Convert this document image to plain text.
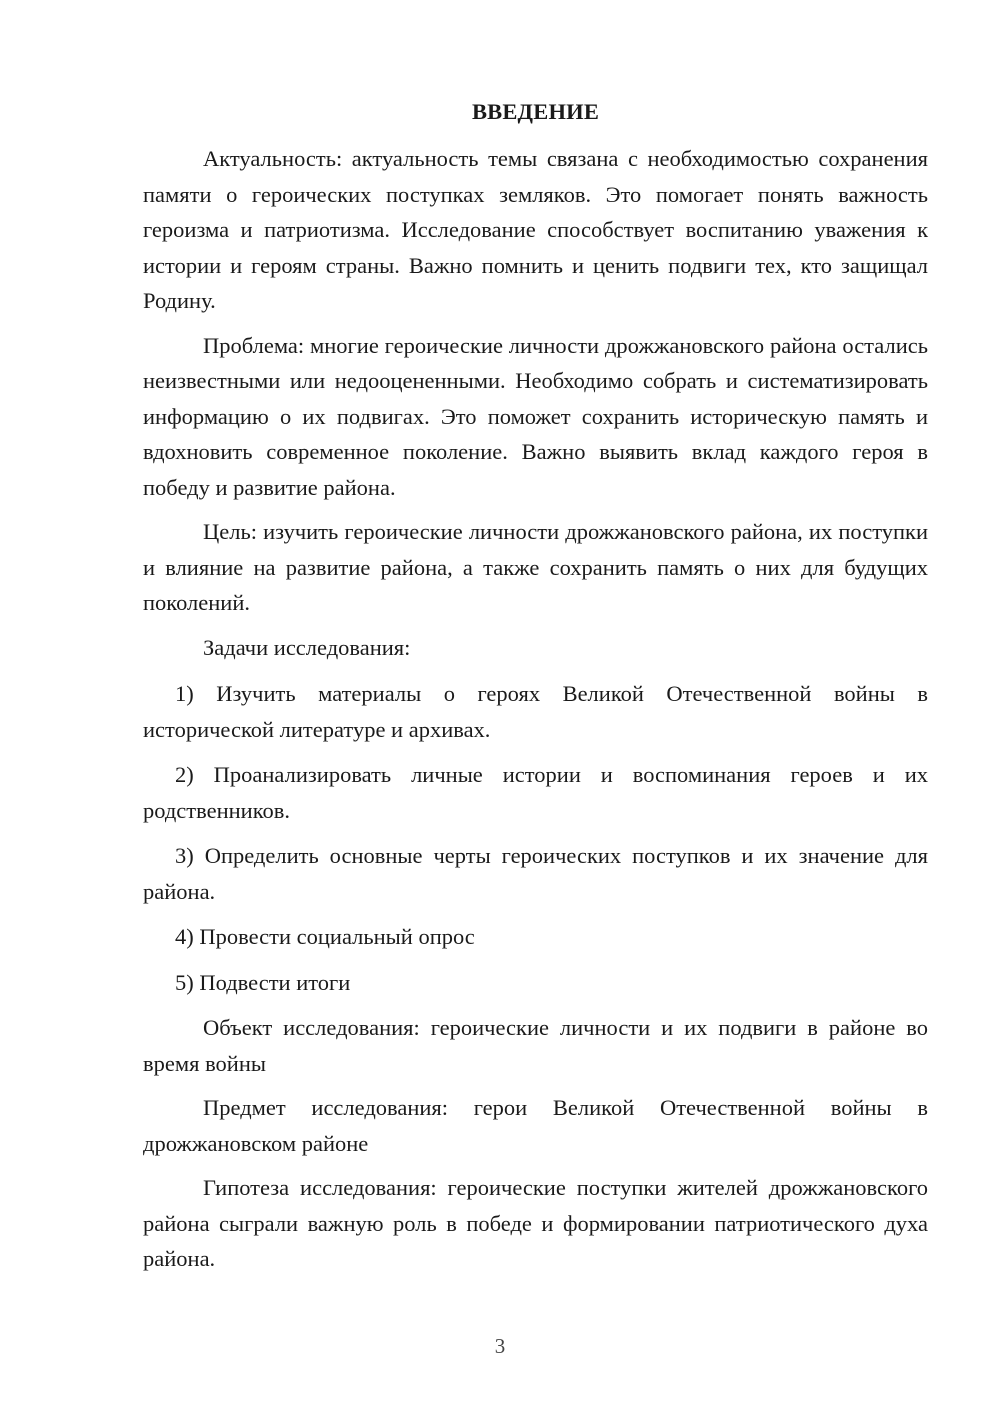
ВВЕДЕНИЕ

Актуальность: актуальность темы связана с необходимостью сохранения памяти о героических поступках земляков. Это помогает понять важность героизма и патриотизма. Исследование способствует воспитанию уважения к истории и героям страны. Важно помнить и ценить подвиги тех, кто защищал Родину.

Проблема: многие героические личности дрожжановского района остались неизвестными или недооцененными. Необходимо собрать и систематизировать информацию о их подвигах. Это поможет сохранить историческую память и вдохновить современное поколение. Важно выявить вклад каждого героя в победу и развитие района.

Цель: изучить героические личности дрожжановского района, их поступки и влияние на развитие района, а также сохранить память о них для будущих поколений.

Задачи исследования:

1) Изучить материалы о героях Великой Отечественной войны в исторической литературе и архивах.

2) Проанализировать личные истории и воспоминания героев и их родственников.

3) Определить основные черты героических поступков и их значение для района.

4) Провести социальный опрос

5) Подвести итоги

Объект исследования: героические личности и их подвиги в районе во время войны

Предмет исследования: герои Великой Отечественной войны в дрожжановском районе

Гипотеза исследования: героические поступки жителей дрожжановского района сыграли важную роль в победе и формировании патриотического духа района.

3
